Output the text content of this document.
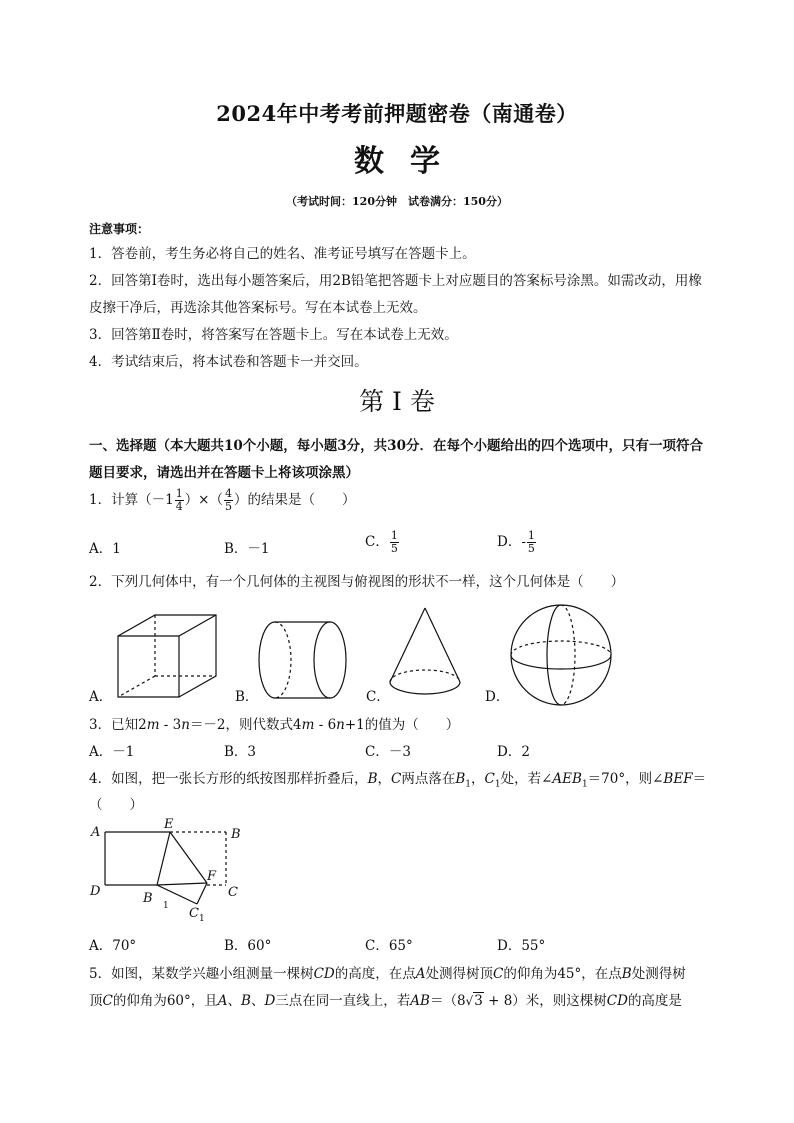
2024年中考考前押题密卷（南通卷）
数学
（考试时间：120分钟　试卷满分：150分）
注意事项：
1．答卷前，考生务必将自己的姓名、准考证号填写在答题卡上。
2．回答第Ⅰ卷时，选出每小题答案后，用2B铅笔把答题卡上对应题目的答案标号涂黑。如需改动，用橡
皮擦干净后，再选涂其他答案标号。写在本试卷上无效。
3．回答第Ⅱ卷时，将答案写在答题卡上。写在本试卷上无效。
4．考试结束后，将本试卷和答题卡一并交回。
第 I 卷
一、选择题（本大题共10个小题，每小题3分，共30分．在每个小题给出的四个选项中，只有一项符合
题目要求，请选出并在答题卡上将该项涂黑）
1．计算（$-1 \frac{1}{4}$ ）×（ $\frac{4}{5}$ ）的结果是（　　）
A．1	B．－1	C． $\frac{1}{5}$	D．- $\frac{1}{5}$
2．下列几何体中，有一个几何体的主视图与俯视图的形状不一样，这个几何体是（　　）
A．	B．	C．	D．
3．已知2m - 3n＝－2，则代数式4m - 6n+1的值为（　　）
A．－1	B．3	C．－3	D．2
4．如图，把一张长方形的纸按图那样折叠后，B，C两点落在$B_1$，$C_1$处，若$\angle AEB_1=70^\circ$，则∠BEF＝
（　　）
A
E
B
D	B
F
C
C
1
1
A．70°	B．60°	C．65°	D．55°
5．如图，某数学兴趣小组测量一棵树CD的高度，在点A处测得树顶C的仰角为45°，在点B处测得树
顶C的仰角为60°，且A、B、D三点在同一直线上，若AB＝（8√3 + 8）米，则这棵树CD的高度是
